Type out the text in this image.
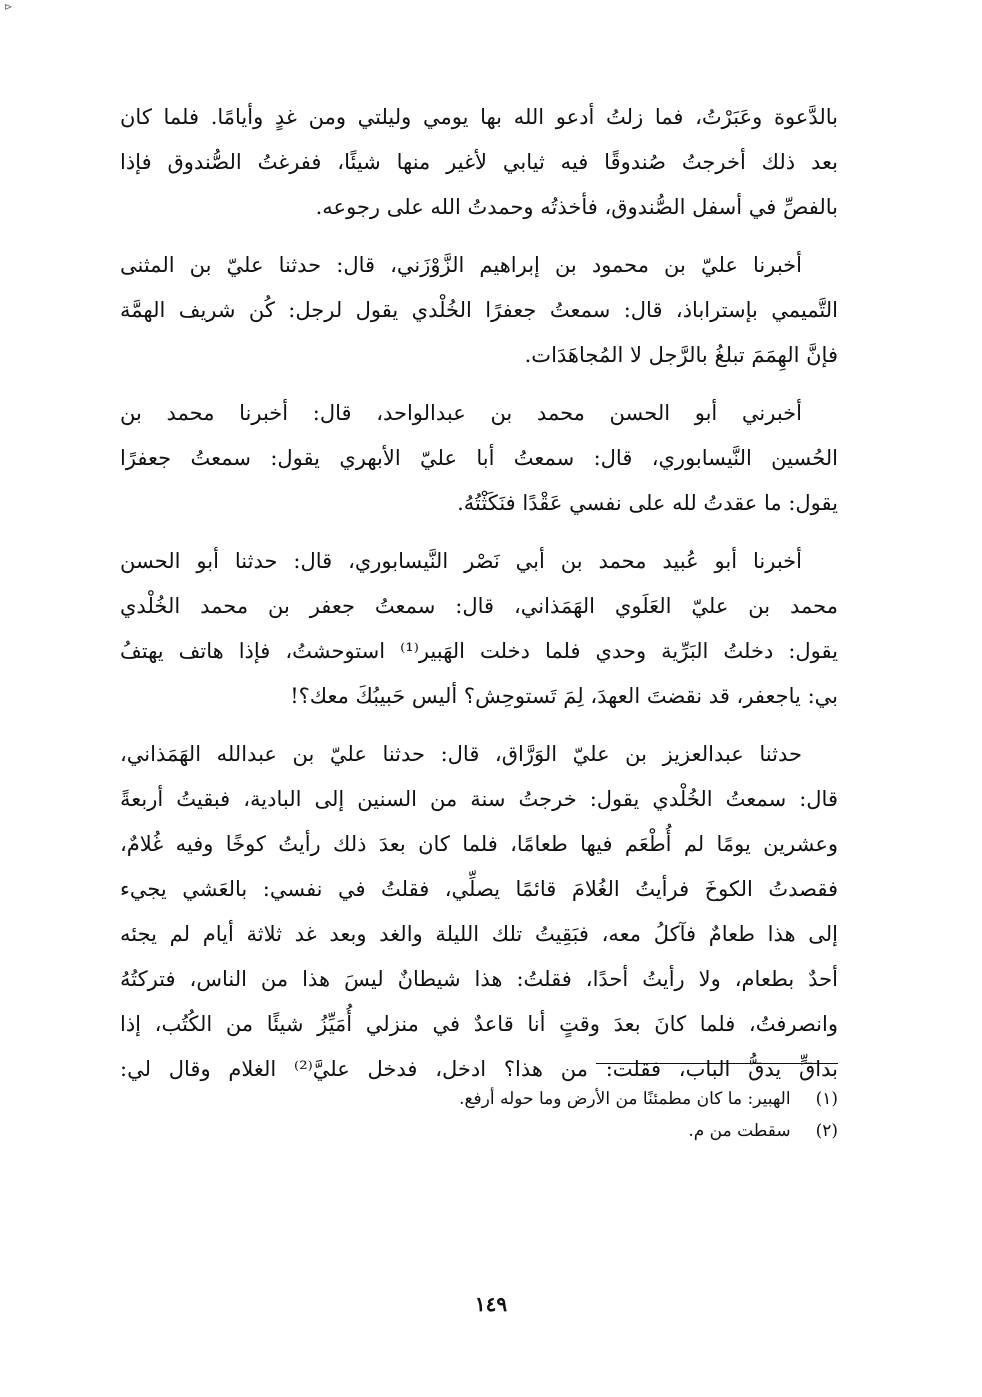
⊳

بالدَّعوة وعَبَرْتُ، فما زلتُ أدعو الله بها يومي وليلتي ومن غدٍ وأيامًا. فلما كان
بعد ذلك أخرجتُ صُندوقًا فيه ثيابي لأغير منها شيئًا، ففرغتُ الصُّندوق فإذا
بالفصِّ في أسفل الصُّندوق، فأخذتُه وحمدتُ الله على رجوعه.

أخبرنا عليّ بن محمود بن إبراهيم الزَّوْزَني، قال: حدثنا عليّ بن المثنى
التَّميمي بإستراباذ، قال: سمعتُ جعفرًا الخُلْدي يقول لرجل: كُن شريف الهمَّة
فإنَّ الهِمَمَ تبلغُ بالرَّجل لا المُجاهَدَات.

أخبرني أبو الحسن محمد بن عبدالواحد، قال: أخبرنا محمد بن
الحُسين النَّيسابوري، قال: سمعتُ أبا عليّ الأبهري يقول: سمعتُ جعفرًا
يقول: ما عقدتُ لله على نفسي عَقْدًا فنَكَثْتُهُ.

أخبرنا أبو عُبيد محمد بن أبي نَصْر النَّيسابوري، قال: حدثنا أبو الحسن
محمد بن عليّ العَلَوي الهَمَذاني، قال: سمعتُ جعفر بن محمد الخُلْدي
يقول: دخلتُ البَرِّية وحدي فلما دخلت الهَبير⁽¹⁾ استوحشتُ، فإذا هاتف يهتفُ
بي: ياجعفر، قد نقضتَ العهدَ، لِمَ تَستوحِش؟ أليس حَبيبُكَ معك؟!

حدثنا عبدالعزيز بن عليّ الوَرَّاق، قال: حدثنا عليّ بن عبدالله الهَمَذاني،
قال: سمعتُ الخُلْدي يقول: خرجتُ سنة من السنين إلى البادية، فبقيتُ أربعةً
وعشرين يومًا لم أُطْعَم فيها طعامًا، فلما كان بعدَ ذلك رأيتُ كوخًا وفيه غُلامٌ،
فقصدتُ الكوخَ فرأيتُ الغُلامَ قائمًا يصلِّي، فقلتُ في نفسي: بالعَشي يجيء
إلى هذا طعامٌ فآكلُ معه، فبَقِيتُ تلك الليلة والغد وبعد غد ثلاثة أيام لم يجئه
أحدٌ بطعام، ولا رأيتُ أحدًا، فقلتُ: هذا شيطانٌ ليسَ هذا من الناس، فتركتُهُ
وانصرفتُ، فلما كانَ بعدَ وقتٍ أنا قاعدٌ في منزلي أُمَيِّزُ شيئًا من الكُتُب، إذا
بداقٍّ يدقُّ الباب، فقلت: من هذا؟ ادخل، فدخل عليَّ⁽²⁾ الغلام وقال لي:

(١) الهبير: ما كان مطمئنًا من الأرض وما حوله أرفع.
(٢) سقطت من م.
١٤٩
